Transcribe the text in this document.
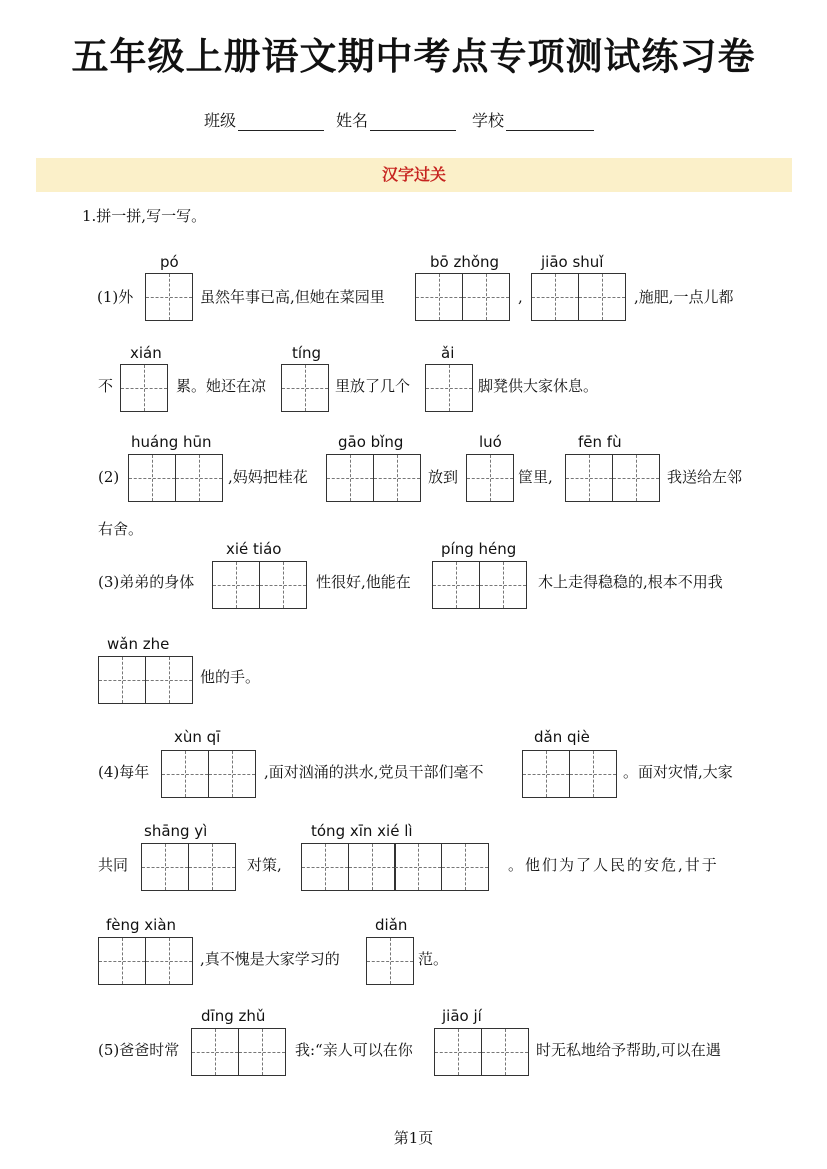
五年级上册语文期中考点专项测试练习卷
班级	姓名	学校
汉字过关
1.拼一拼,写一写。
pó	bō zhǒng	jiāo shuǐ
(1)外	虽然年事已高,但她在菜园里	,	,施肥,一点儿都
xián	tíng	ǎi
不	累。她还在凉	里放了几个	脚凳供大家休息。
huáng hūn	gāo bǐng	luó	fēn fù
(2)	,妈妈把桂花	放到	筐里,	我送给左邻
右舍。
xié tiáo	píng héng
(3)弟弟的身体	性很好,他能在	木上走得稳稳的,根本不用我
wǎn zhe
他的手。
xùn qī	dǎn qiè
(4)每年	,面对汹涌的洪水,党员干部们毫不	。面对灾情,大家
shāng yì	tóng xīn xié lì
共同	对策,	。他们为了人民的安危,甘于
fèng xiàn	diǎn
,真不愧是大家学习的	范。
dīng zhǔ	jiāo jí
(5)爸爸时常	我:“亲人可以在你	时无私地给予帮助,可以在遇
第1页
